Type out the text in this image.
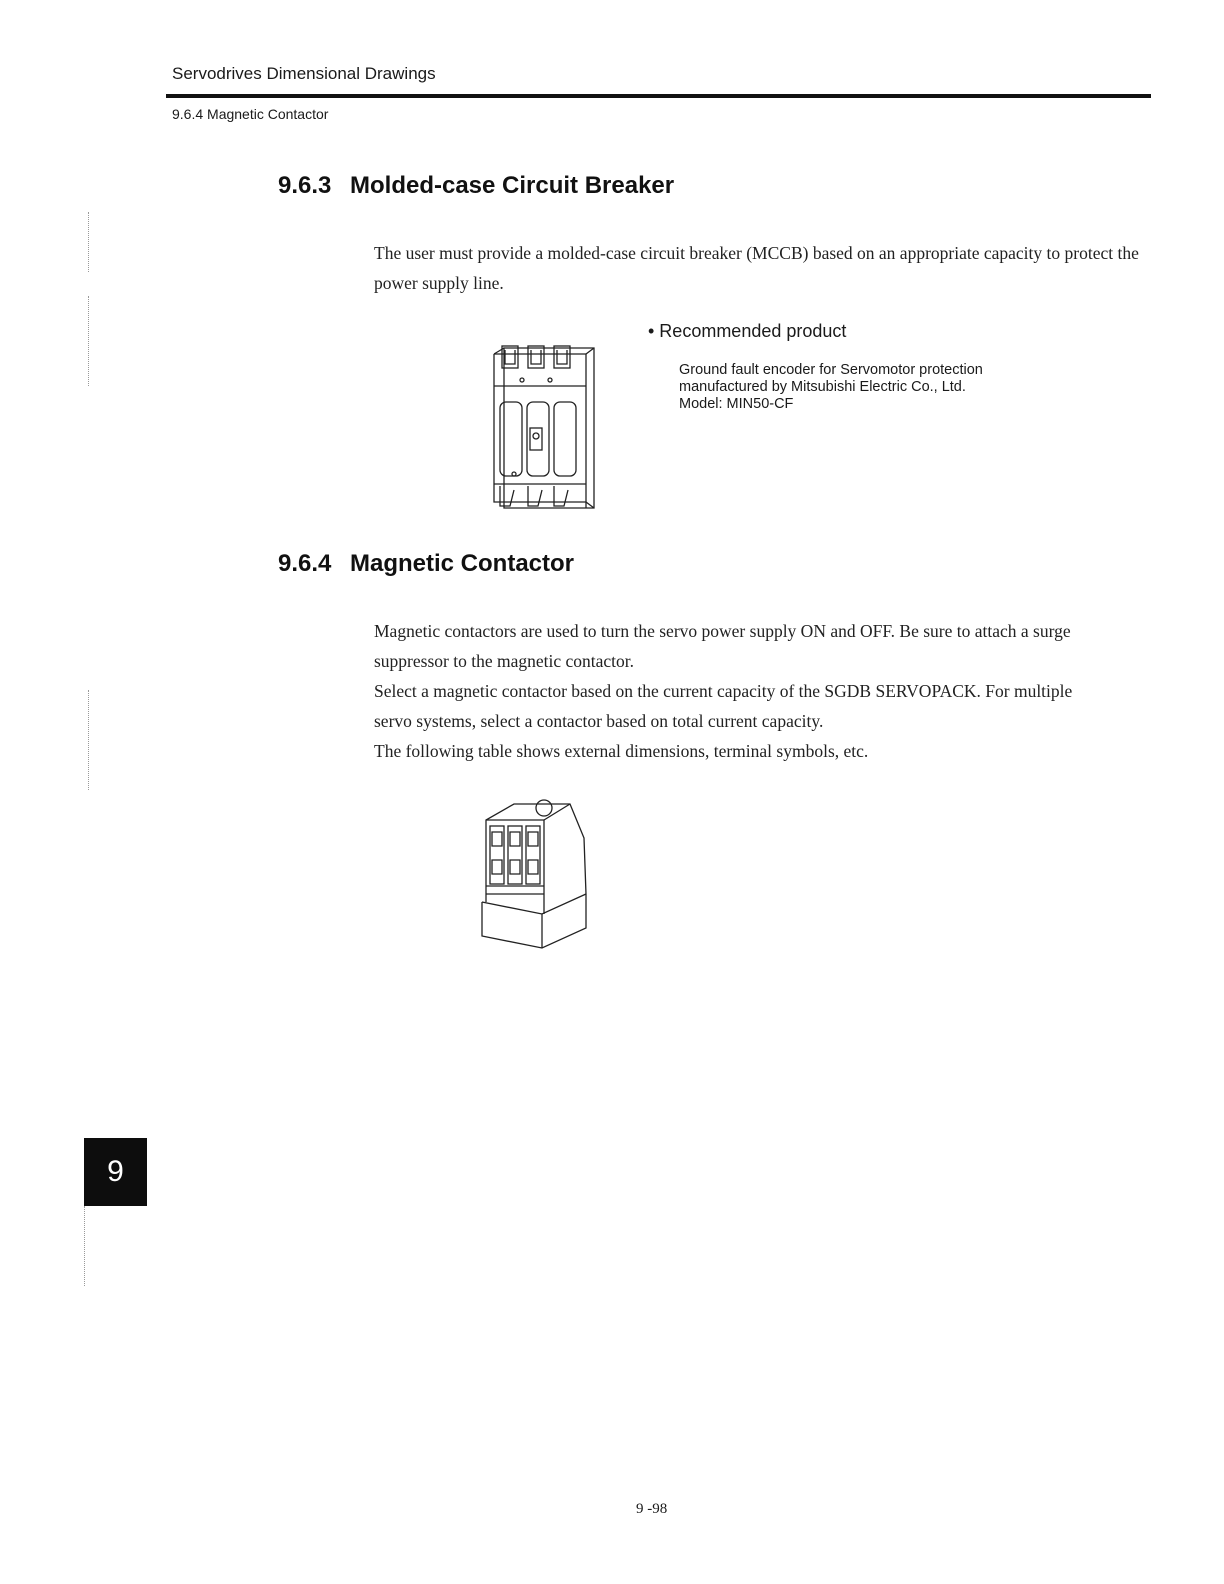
Servodrives Dimensional Drawings
9.6.4 Magnetic Contactor
9.6.3 Molded-case Circuit Breaker
The user must provide a molded-case circuit breaker (MCCB) based on an appropriate capacity to protect the power supply line.
• Recommended product
Ground fault encoder for Servomotor protection
manufactured by Mitsubishi Electric Co., Ltd.
Model: MIN50-CF
9.6.4 Magnetic Contactor
Magnetic contactors are used to turn the servo power supply ON and OFF. Be sure to attach a surge
suppressor to the magnetic contactor.
Select a magnetic contactor based on the current capacity of the SGDB SERVOPACK. For multiple
servo systems, select a contactor based on total current capacity.
The following table shows external dimensions, terminal symbols, etc.
9
9 -98
